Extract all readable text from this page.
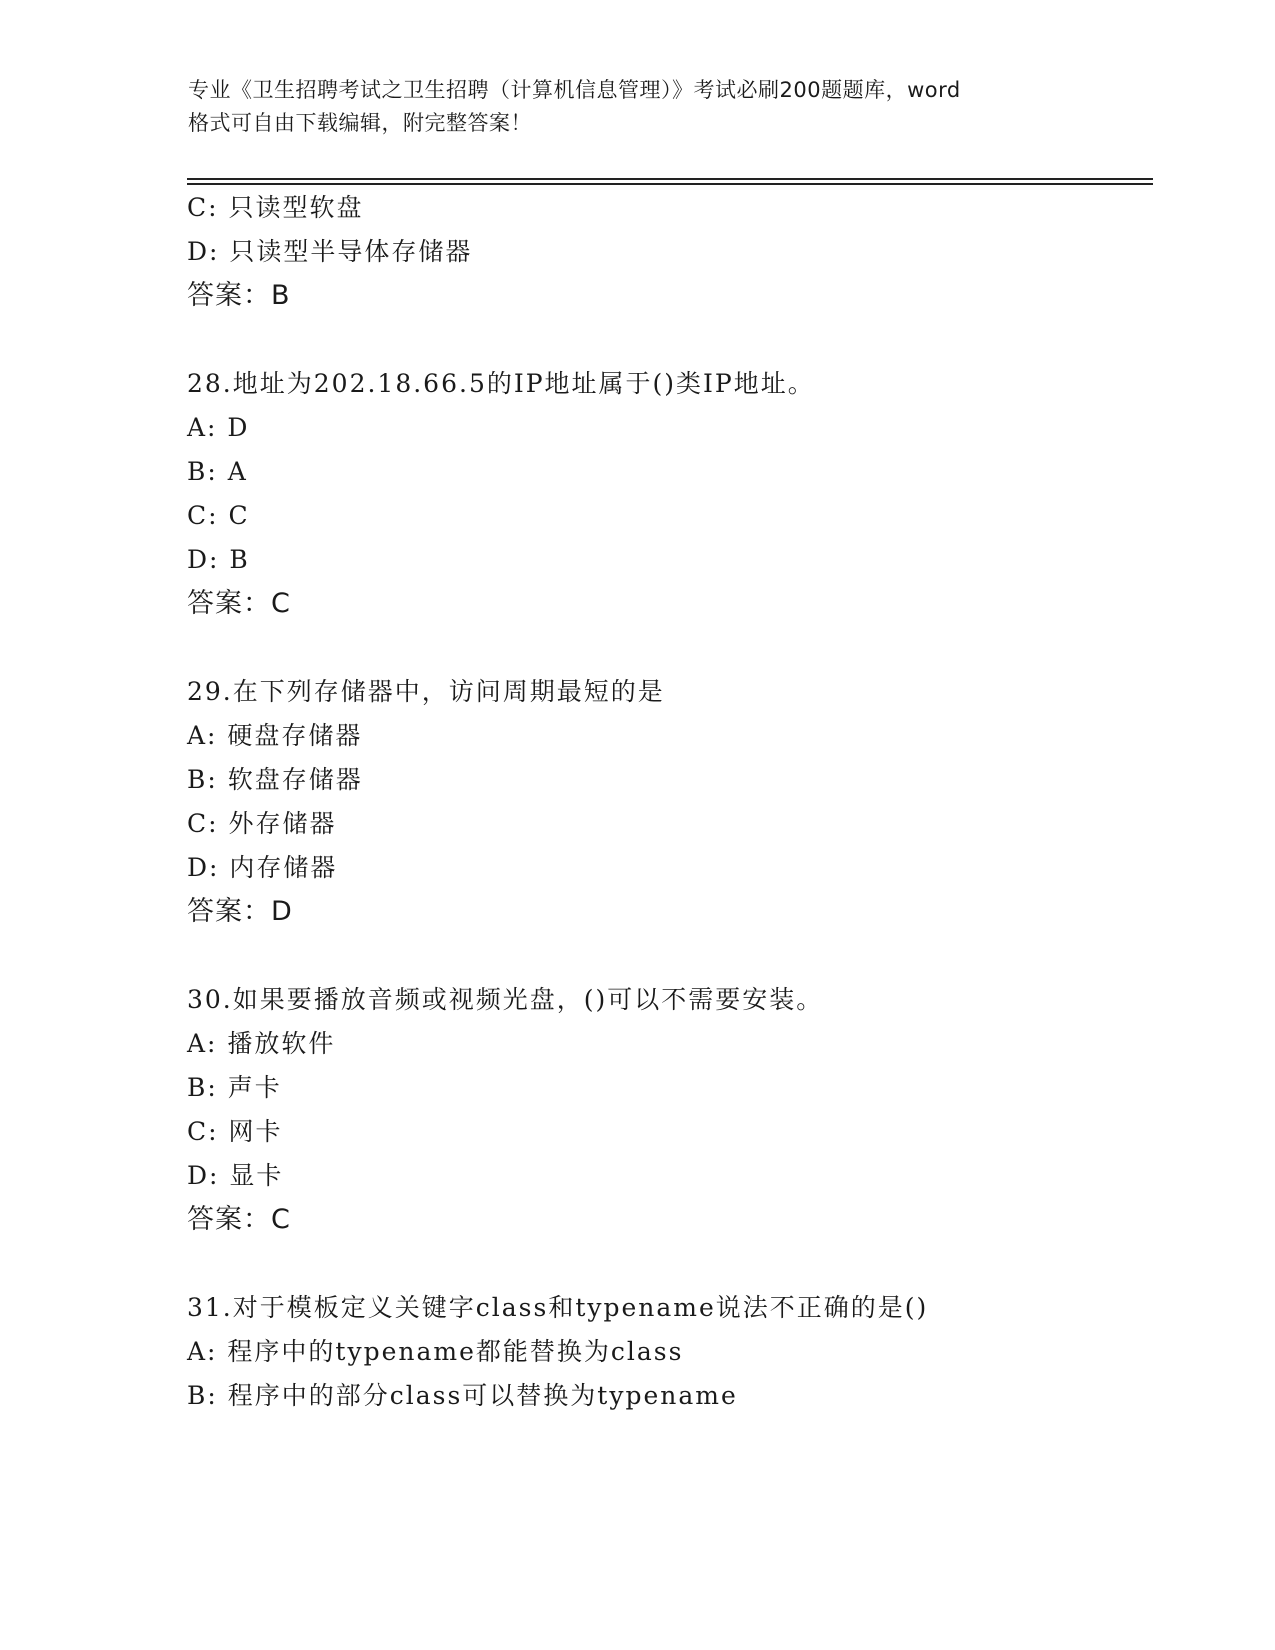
专业《卫生招聘考试之卫生招聘（计算机信息管理）》考试必刷200题题库，word
格式可自由下载编辑，附完整答案！
C: 只读型软盘
D: 只读型半导体存储器
答案：B
28.地址为202.18.66.5的IP地址属于()类IP地址。
A: D
B: A
C: C
D: B
答案：C
29.在下列存储器中，访问周期最短的是
A: 硬盘存储器
B: 软盘存储器
C: 外存储器
D: 内存储器
答案：D
30.如果要播放音频或视频光盘，()可以不需要安装。
A: 播放软件
B: 声卡
C: 网卡
D: 显卡
答案：C
31.对于模板定义关键字class和typename说法不正确的是()
A: 程序中的typename都能替换为class
B: 程序中的部分class可以替换为typename
